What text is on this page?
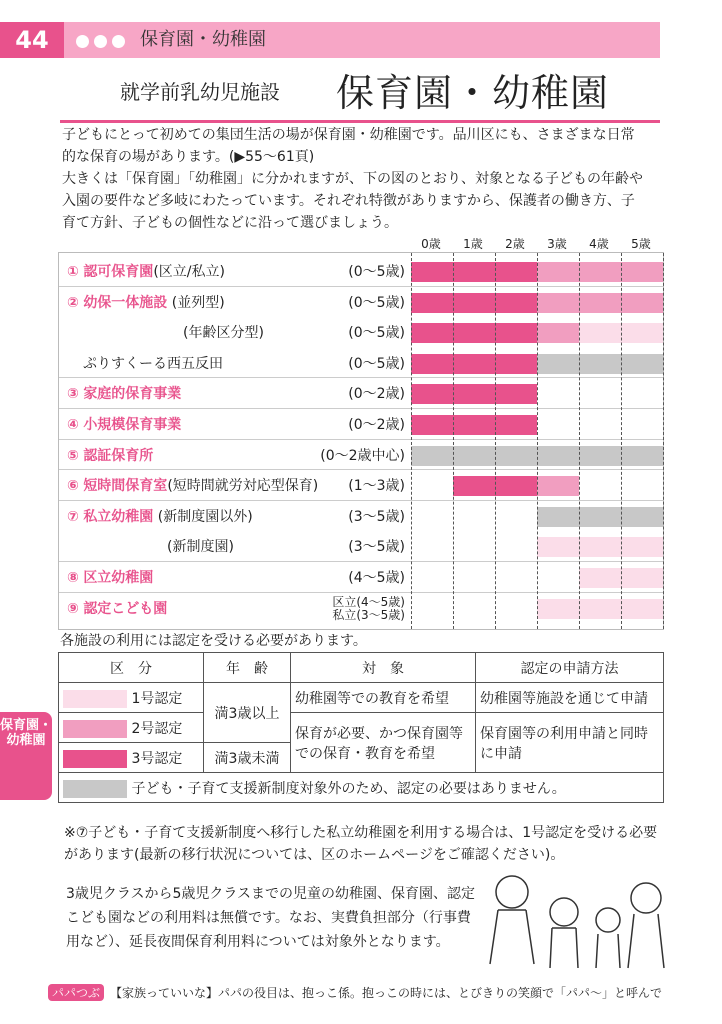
44	保育園・幼稚園
就学前乳幼児施設 保育園・幼稚園
子どもにとって初めての集団生活の場が保育園・幼稚園です。品川区にも、さまざまな日常
的な保育の場があります。(▶55〜61頁)
大きくは「保育園」「幼稚園」に分かれますが、下の図のとおり、対象となる子どもの年齢や
入園の要件など多岐にわたっています。それぞれ特徴がありますから、保護者の働き方、子
育て方針、子どもの個性などに沿って選びましょう。
0歳	1歳	2歳	3歳	4歳	5歳
① 認可保育園(区立/私立)	(0〜5歳)
② 幼保一体施設 (並列型)	(0〜5歳)
(年齢区分型)	(0〜5歳)
ぷりすくーる西五反田	(0〜5歳)
③ 家庭的保育事業	(0〜2歳)
④ 小規模保育事業	(0〜2歳)
⑤ 認証保育所	(0〜2歳中心)
⑥ 短時間保育室(短時間就労対応型保育) (1〜3歳)
⑦ 私立幼稚園 (新制度園以外)	(3〜5歳)
(新制度園)	(3〜5歳)
⑧ 区立幼稚園	(4〜5歳)
⑨ 認定こども園	区立(4〜5歳)
私立(3〜5歳)
各施設の利用には認定を受ける必要があります。
区　分	年　齢	対　象	認定の申請方法
1号認定	満3歳以上	幼稚園等での教育を希望	幼稚園等施設を通じて申請
2号認定		保育が必要、かつ保育園等での保育・教育を希望	保育園等の利用申請と同時に申請
3号認定	満3歳未満		
子ども・子育て支援新制度対象外のため、認定の必要はありません。			
※⑦子ども・子育て支援新制度へ移行した私立幼稚園を利用する場合は、1号認定を受ける必要があります(最新の移行状況については、区のホームページをご確認ください)。
3歳児クラスから5歳児クラスまでの児童の幼稚園、保育園、認定こども園などの利用料は無償です。なお、実費負担部分（行事費用など）、延長夜間保育利用料については対象外となります。
保育園・幼稚園
パパつぶ 【家族っていいな】パパの役目は、抱っこ係。抱っこの時には、とびきりの笑顔で「パパ〜」と呼んで
